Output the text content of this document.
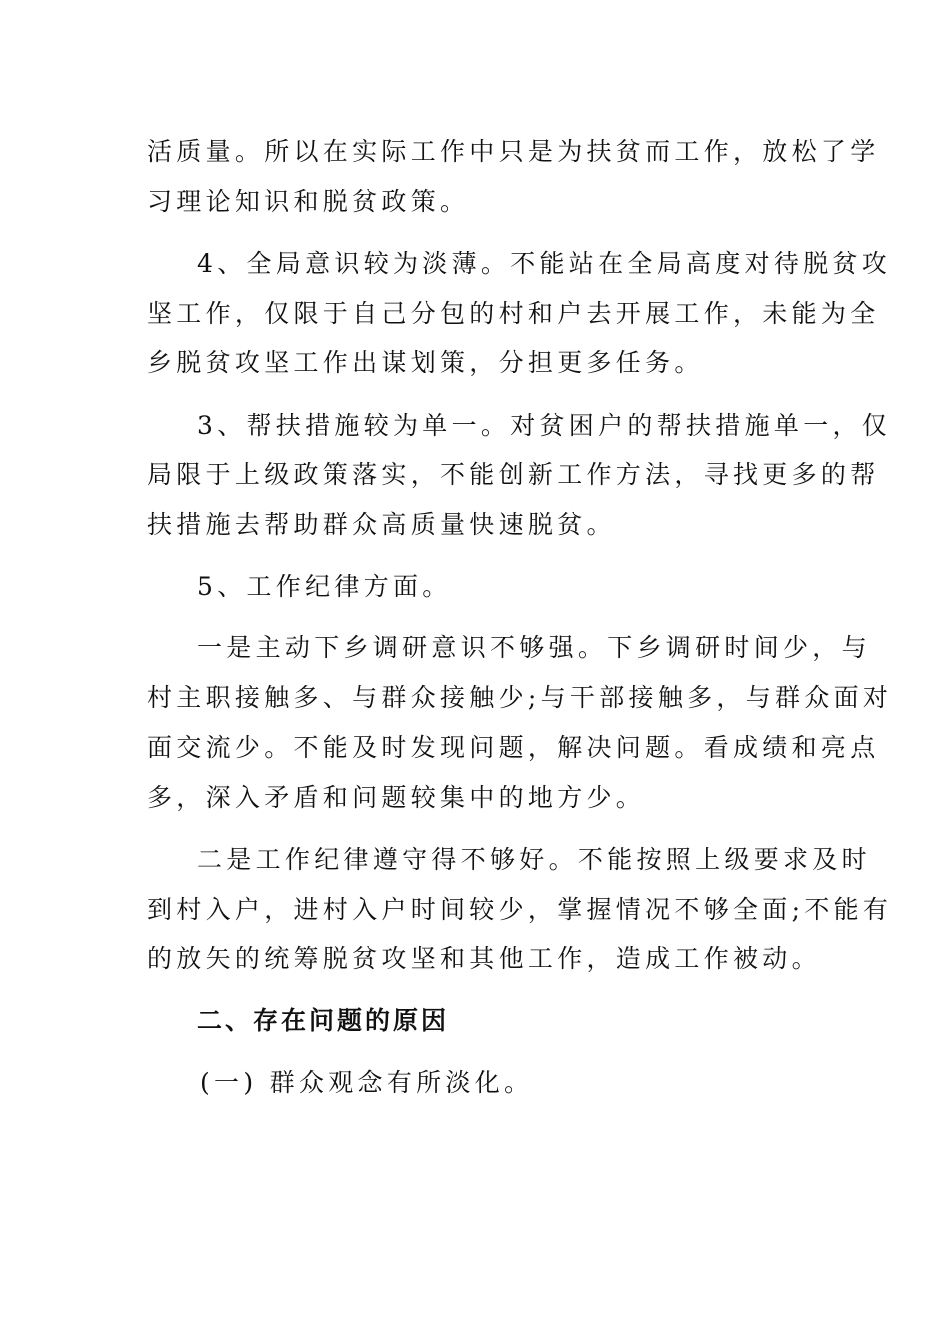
活质量。所以在实际工作中只是为扶贫而工作，放松了学
习理论知识和脱贫政策。
4、全局意识较为淡薄。不能站在全局高度对待脱贫攻
坚工作，仅限于自己分包的村和户去开展工作，未能为全
乡脱贫攻坚工作出谋划策，分担更多任务。
3、帮扶措施较为单一。对贫困户的帮扶措施单一，仅
局限于上级政策落实，不能创新工作方法，寻找更多的帮
扶措施去帮助群众高质量快速脱贫。
5、工作纪律方面。
一是主动下乡调研意识不够强。下乡调研时间少，与
村主职接触多、与群众接触少;与干部接触多，与群众面对
面交流少。不能及时发现问题，解决问题。看成绩和亮点
多，深入矛盾和问题较集中的地方少。
二是工作纪律遵守得不够好。不能按照上级要求及时
到村入户，进村入户时间较少，掌握情况不够全面;不能有
的放矢的统筹脱贫攻坚和其他工作，造成工作被动。
二、存在问题的原因
(一) 群众观念有所淡化。
